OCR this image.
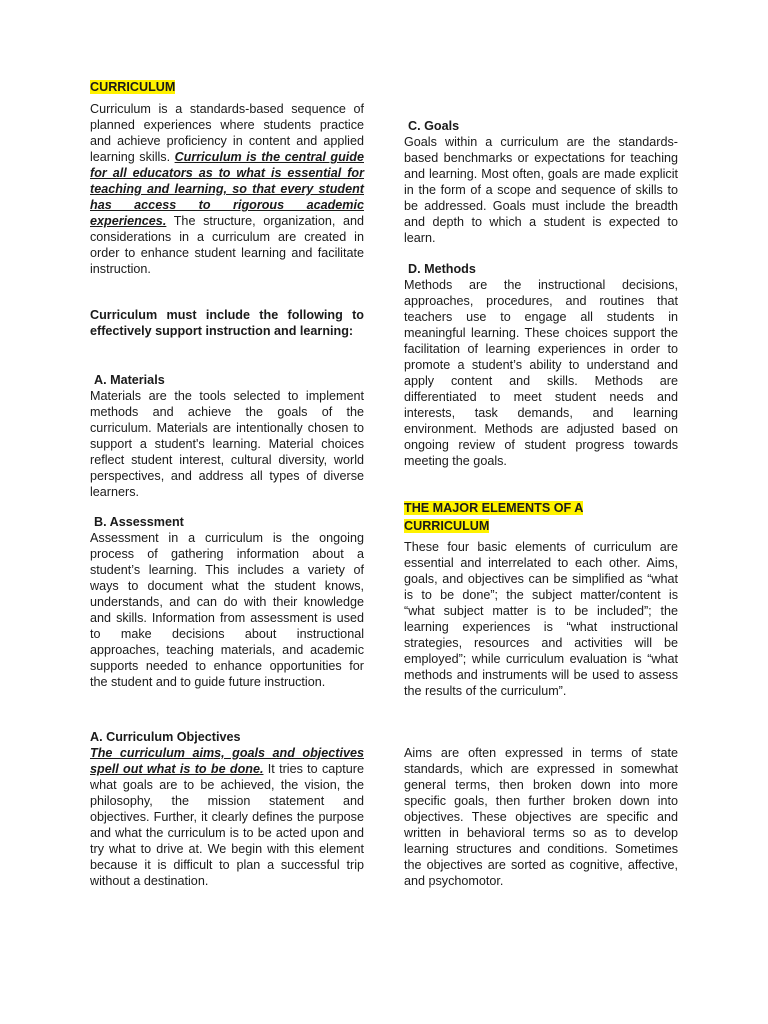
CURRICULUM

Curriculum is a standards-based sequence of planned experiences where students practice and achieve proficiency in content and applied learning skills. Curriculum is the central guide for all educators as to what is essential for teaching and learning, so that every student has access to rigorous academic experiences. The structure, organization, and considerations in a curriculum are created in order to enhance student learning and facilitate instruction.

Curriculum must include the following to effectively support instruction and learning:

A. Materials

Materials are the tools selected to implement methods and achieve the goals of the curriculum. Materials are intentionally chosen to support a student's learning. Material choices reflect student interest, cultural diversity, world perspectives, and address all types of diverse learners.

B. Assessment

Assessment in a curriculum is the ongoing process of gathering information about a student’s learning. This includes a variety of ways to document what the student knows, understands, and can do with their knowledge and skills. Information from assessment is used to make decisions about instructional approaches, teaching materials, and academic supports needed to enhance opportunities for the student and to guide future instruction.

A. Curriculum Objectives

The curriculum aims, goals and objectives spell out what is to be done. It tries to capture what goals are to be achieved, the vision, the philosophy, the mission statement and objectives. Further, it clearly defines the purpose and what the curriculum is to be acted upon and try what to drive at. We begin with this element because it is difficult to plan a successful trip without a destination.

C. Goals

Goals within a curriculum are the standards-based benchmarks or expectations for teaching and learning. Most often, goals are made explicit in the form of a scope and sequence of skills to be addressed. Goals must include the breadth and depth to which a student is expected to learn.

D. Methods

Methods are the instructional decisions, approaches, procedures, and routines that teachers use to engage all students in meaningful learning. These choices support the facilitation of learning experiences in order to promote a student’s ability to understand and apply content and skills. Methods are differentiated to meet student needs and interests, task demands, and learning environment. Methods are adjusted based on ongoing review of student progress towards meeting the goals.

THE MAJOR ELEMENTS OF A
CURRICULUM

These four basic elements of curriculum are essential and interrelated to each other. Aims, goals, and objectives can be simplified as “what is to be done”; the subject matter/content is “what subject matter is to be included”; the learning experiences is “what instructional strategies, resources and activities will be employed”; while curriculum evaluation is “what methods and instruments will be used to assess the results of the curriculum”.

Aims are often expressed in terms of state standards, which are expressed in somewhat general terms, then broken down into more specific goals, then further broken down into objectives. These objectives are specific and written in behavioral terms so as to develop learning structures and conditions. Sometimes the objectives are sorted as cognitive, affective, and psychomotor.
